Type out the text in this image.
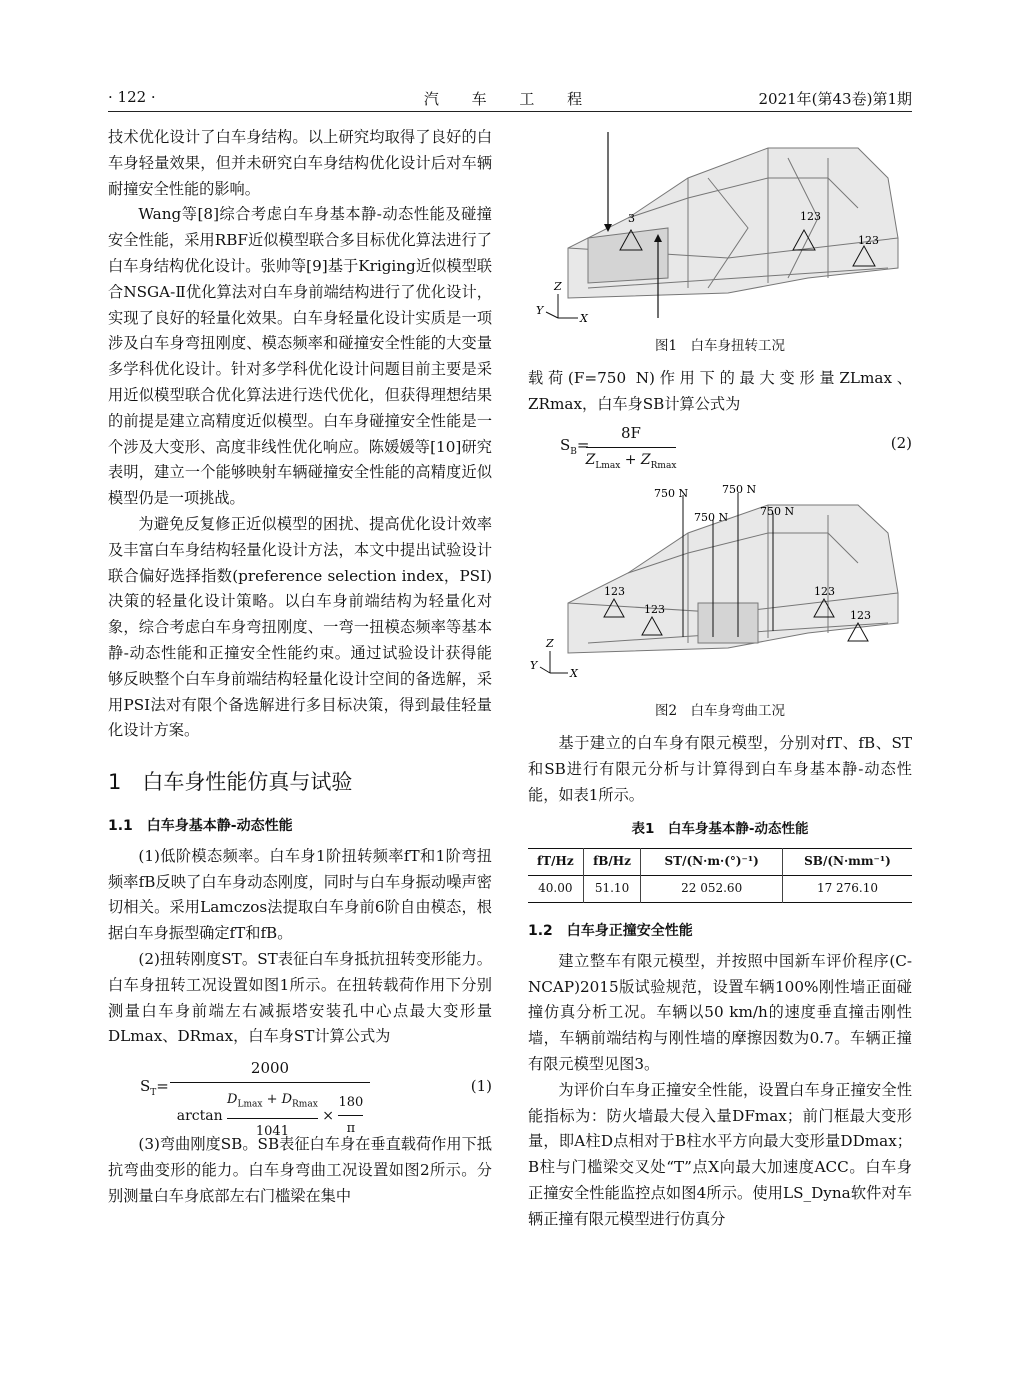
· 122 ·	汽 车 工 程	2021年(第43卷)第1期

技术优化设计了白车身结构。以上研究均取得了良好的白车身轻量效果，但并未研究白车身结构优化设计后对车辆耐撞安全性能的影响。

Wang等[8]综合考虑白车身基本静-动态性能及碰撞安全性能，采用RBF近似模型联合多目标优化算法进行了白车身结构优化设计。张帅等[9]基于Kriging近似模型联合NSGA-Ⅱ优化算法对白车身前端结构进行了优化设计，实现了良好的轻量化效果。白车身轻量化设计实质是一项涉及白车身弯扭刚度、模态频率和碰撞安全性能的大变量多学科优化设计。针对多学科优化设计问题目前主要是采用近似模型联合优化算法进行迭代优化，但获得理想结果的前提是建立高精度近似模型。白车身碰撞安全性能是一个涉及大变形、高度非线性优化响应。陈媛媛等[10]研究表明，建立一个能够映射车辆碰撞安全性能的高精度近似模型仍是一项挑战。

为避免反复修正近似模型的困扰、提高优化设计效率及丰富白车身结构轻量化设计方法，本文中提出试验设计联合偏好选择指数(preference selection index，PSI)决策的轻量化设计策略。以白车身前端结构为轻量化对象，综合考虑白车身弯扭刚度、一弯一扭模态频率等基本静-动态性能和正撞安全性能约束。通过试验设计获得能够反映整个白车身前端结构轻量化设计空间的备选解，采用PSI法对有限个备选解进行多目标决策，得到最佳轻量化设计方案。

1　白车身性能仿真与试验
1.1　白车身基本静-动态性能

(1)低阶模态频率。白车身1阶扭转频率fT和1阶弯扭频率fB反映了白车身动态刚度，同时与白车身振动噪声密切相关。采用Lamczos法提取白车身前6阶自由模态，根据白车身振型确定fT和fB。

(2)扭转刚度ST。ST表征白车身抵抗扭转变形能力。白车身扭转工况设置如图1所示。在扭转载荷作用下分别测量白车身前端左右减振塔安装孔中心点最大变形量DLmax、DRmax，白车身ST计算公式为

$S_T=$
2000
arctan
$D_{Lmax} + D_{Rmax}$
1041
× $\frac{180}{\pi}$
(1)

(3)弯曲刚度SB。SB表征白车身在垂直载荷作用下抵抗弯曲变形的能力。白车身弯曲工况设置如图2所示。分别测量白车身底部左右门槛梁在集中

3	123
123
Z
X
Y
图1　白车身扭转工况

载荷(F=750 N)作用下的最大变形量ZLmax、ZRmax，白车身SB计算公式为

$S_B=$
8F
$Z_{Lmax} + Z_{Rmax}$
(2)
750 N
750 N
750 N
750 N
123
123
123
123
Z
X
Y
图2　白车身弯曲工况

基于建立的白车身有限元模型，分别对fT、fB、ST和SB进行有限元分析与计算得到白车身基本静-动态性能，如表1所示。

表1　白车身基本静-动态性能
fT/Hz	fB/Hz	ST/(N·m·(°)⁻¹)	SB/(N·mm⁻¹)
40.00	51.10	22 052.60	17 276.10
1.2　白车身正撞安全性能

建立整车有限元模型，并按照中国新车评价程序(C-NCAP)2015版试验规范，设置车辆100%刚性墙正面碰撞仿真分析工况。车辆以50 km/h的速度垂直撞击刚性墙，车辆前端结构与刚性墙的摩擦因数为0.7。车辆正撞有限元模型见图3。

为评价白车身正撞安全性能，设置白车身正撞安全性能指标为：防火墙最大侵入量DFmax；前门框最大变形量，即A柱D点相对于B柱水平方向最大变形量DDmax；B柱与门槛梁交叉处“T”点X向最大加速度ACC。白车身正撞安全性能监控点如图4所示。使用LS_Dyna软件对车辆正撞有限元模型进行仿真分
